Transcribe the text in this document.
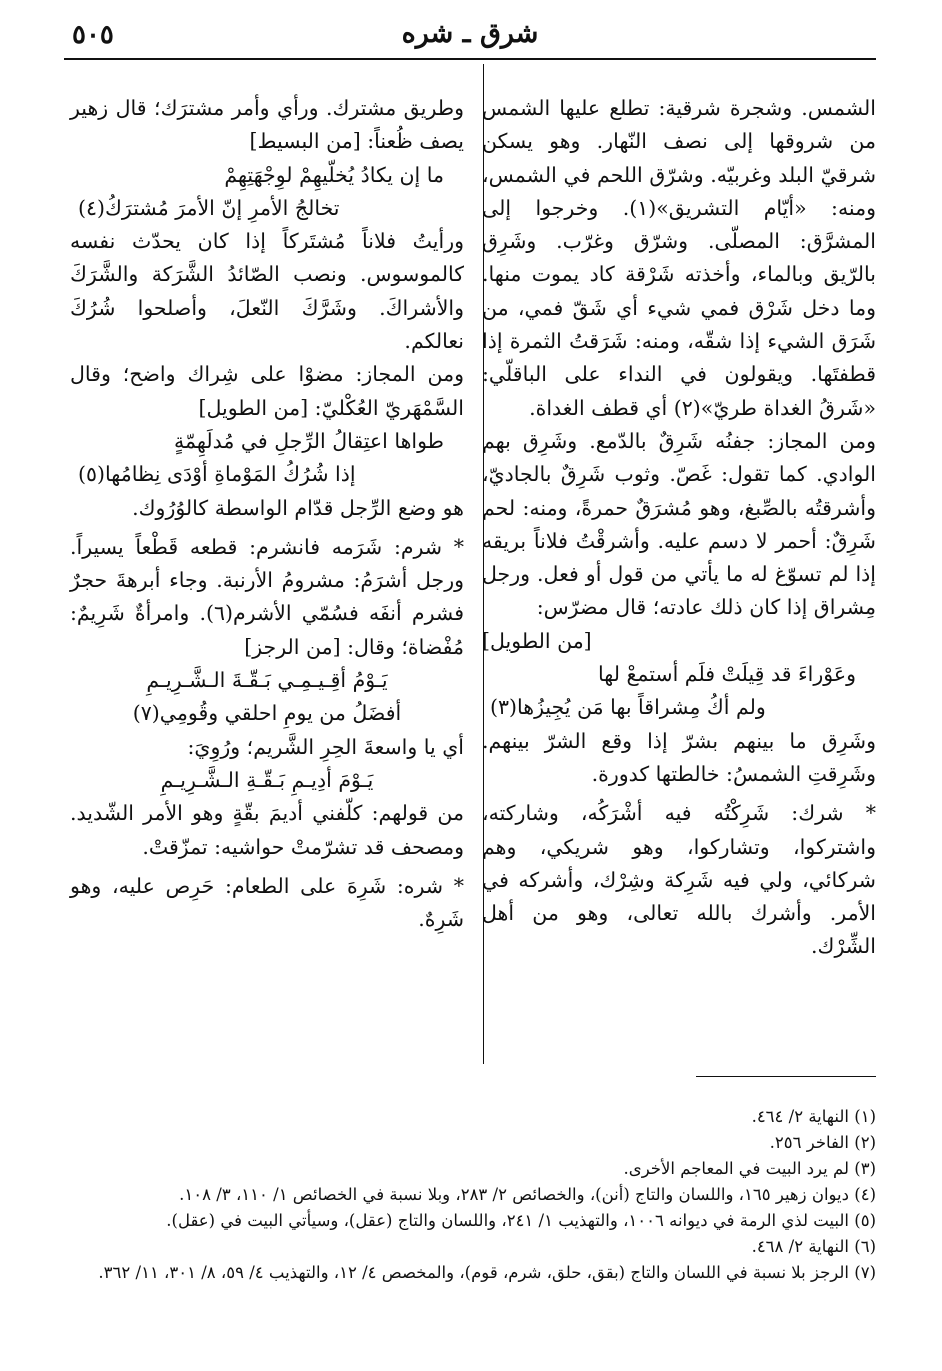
٥٠٥	شرق ـ شره

الشمس. وشجرة شرقية: تطلع عليها الشمس من شروقها إلى نصف النّهار. وهو يسكن شرقيّ البلد وغربيّه. وشرّق اللحم في الشمس، ومنه: «أيّام التشريق»(١). وخرجوا إلى المشرَّق: المصلّى. وشرّق وغرّب. وشَرِق بالرّيق وبالماء، وأخذته شَرْقة كاد يموت منها. وما دخل شَرْق فمي شيء أي شَقّ فمي، من شَرَق الشيء إذا شقّه، ومنه: شَرَقتُ الثمرة إذا قطفتَها. ويقولون في النداء على الباقلّي: «شَرقُ الغداة طريّ»(٢) أي قطف الغداة.

ومن المجاز: جفنُه شَرِقٌ بالدّمع. وشَرِق بهم الوادي. كما تقول: غَصّ. وثوب شَرِقٌ بالجاديّ، وأشرقتُه بالصِّبغ، وهو مُشرَقٌ حمرةً، ومنه: لحم شَرِقٌ: أحمر لا دسم عليه. وأشرقْتُ فلاناً بريقه إذا لم تسوّغ له ما يأتي من قول أو فعل. ورجل مِشراق إذا كان ذلك عادته؛ قال مضرّس:

[من الطويل]

وعَوْراءَ قد قِيلَتْ فلَم أستمعْ لها

ولم أكُ مِشراقاً بها مَن يُجِيزُها(٣)

وشَرِق ما بينهم بشرّ إذا وقع الشرّ بينهم. وشَرِقتِ الشمسُ: خالطتها كدورة.

* شرك: شَرِكْتُه فيه أشْرَكُه، وشاركته، واشتركوا، وتشاركوا، وهو شريكي، وهم شركائي، ولي فيه شَرِكة وشِرْك، وأشركه في الأمر. وأشرك بالله تعالى، وهو من أهل الشِّرْك.

وطريق مشترك. ورأي وأمر مشترَك؛ قال زهير يصف ظُعناً: [من البسيط]

ما إن يكادُ يُخلّيهِمْ لوِجْهَتِهِمْ

تخالجُ الأمرِ إنّ الأمرَ مُشترَكُ(٤)

ورأيتُ فلاناً مُشتَركاً إذا كان يحدّث نفسه كالموسوس. ونصب الصّائدُ الشَّرَكة والشَّرَكَ والأشراكَ. وشَرَّكَ النّعلَ، وأصلحوا شُرُكَ نعالكم.

ومن المجاز: مضوْا على شِراك واضح؛ وقال السَّمْهَريّ العُكْليّ: [من الطويل]

طواها اعتِقالُ الرِّجلِ في مُدلَهِمّةٍ

إذا شُرُكُ المَوْماةِ أوْدَى نِظامُها(٥)

هو وضع الرِّجل قدّام الواسطة كالوُرُوك.

* شرم: شَرَمه فانشرم: قطعه قَطْعاً يسيراً. ورجل أشرَمُ: مشرومُ الأرنبة. وجاء أبرهةَ حجرٌ فشرم أنفَه فسُمّي الأشرم(٦). وامرأةٌ شَرِيمٌ: مُفْضاة؛ وقال: [من الرجز]

يَـوْمُ أقِـيـمِـي بَـقّـةَ الـشَّـرِيـمِ

أفضَلُ من يومِ احلقي وقُومِي(٧)

أي يا واسعةَ الحِرِ الشَّريم؛ ورُوِيَ:

يَـوْمَ أدِيـمِ بَـقّـةِ الـشَّـرِيـمِ

من قولهم: كلّفني أديمَ بقّةٍ وهو الأمر الشّديد. ومصحف قد تشرّمتْ حواشيه: تمزّقتْ.

* شره: شَرِهَ على الطعام: حَرِص عليه، وهو شَرِهٌ.

(١) النهاية ٢/ ٤٦٤.
(٢) الفاخر ٢٥٦.
(٣) لم يرد البيت في المعاجم الأخرى.
(٤) ديوان زهير ١٦٥، واللسان والتاج (أنن)، والخصائص ٢/ ٢٨٣، وبلا نسبة في الخصائص ١/ ١١٠، ٣/ ١٠٨.
(٥) البيت لذي الرمة في ديوانه ١٠٠٦، والتهذيب ١/ ٢٤١، واللسان والتاج (عقل)، وسيأتي البيت في (عقل).
(٦) النهاية ٢/ ٤٦٨.
(٧) الرجز بلا نسبة في اللسان والتاج (بقق، حلق، شرم، قوم)، والمخصص ٤/ ١٢، والتهذيب ٤/ ٥٩، ٨/ ٣٠١، ١١/ ٣٦٢.
